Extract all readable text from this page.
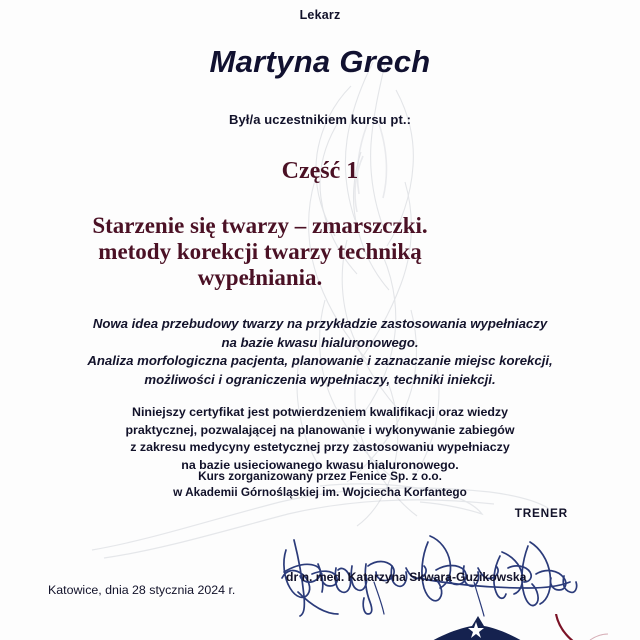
Lekarz
Martyna Grech
Był/a uczestnikiem kursu pt.:
Część 1
Starzenie się twarzy – zmarszczki.
metody korekcji twarzy techniką
wypełniania.
Nowa idea przebudowy twarzy na przykładzie zastosowania wypełniaczy
na bazie kwasu hialuronowego.
Analiza morfologiczna pacjenta, planowanie i zaznaczanie miejsc korekcji,
możliwości i ograniczenia wypełniaczy, techniki iniekcji.
Niniejszy certyfikat jest potwierdzeniem kwalifikacji oraz wiedzy
praktycznej, pozwalającej na planowanie i wykonywanie zabiegów
z zakresu medycyny estetycznej przy zastosowaniu wypełniaczy
na bazie usieciowanego kwasu hialuronowego.
Kurs zorganizowany przez Fenice Sp. z o.o.
w Akademii Górnośląskiej im. Wojciecha Korfantego
TRENER
dr n. med. Katarzyna Skwara-Guzikowska
Katowice, dnia 28 stycznia 2024 r.
